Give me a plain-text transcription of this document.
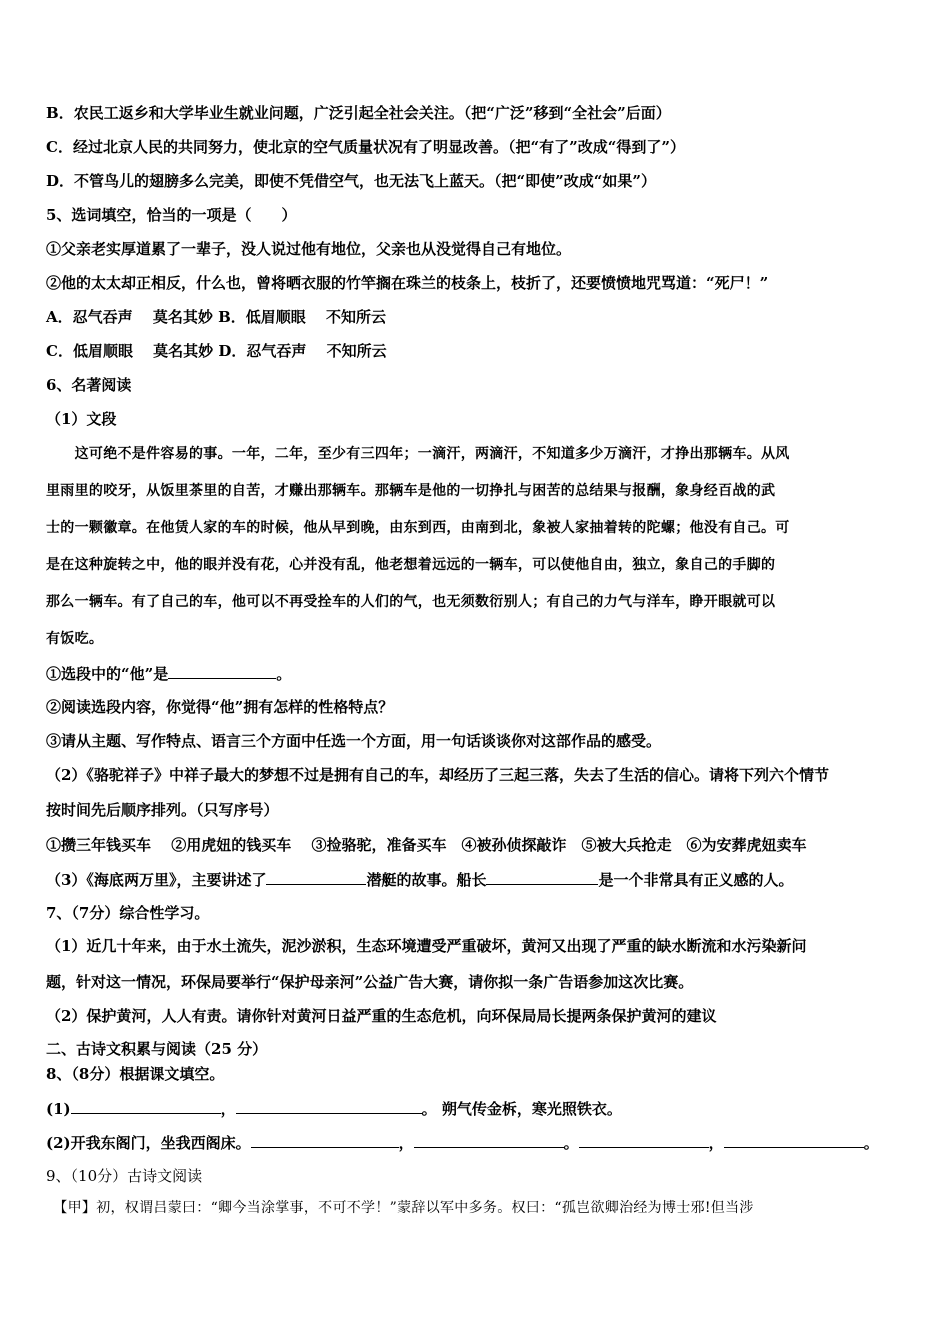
B．农民工返乡和大学毕业生就业问题，广泛引起全社会关注。（把“广泛”移到“全社会”后面）
C．经过北京人民的共同努力，使北京的空气质量状况有了明显改善。（把“有了”改成“得到了”）
D．不管鸟儿的翅膀多么完美，即使不凭借空气，也无法飞上蓝天。（把“即使”改成“如果”）
5、选词填空，恰当的一项是（　　）
①父亲老实厚道累了一辈子，没人说过他有地位，父亲也从没觉得自己有地位。
②他的太太却正相反，什么也，曾将晒衣服的竹竿搁在珠兰的枝条上，枝折了，还要愤愤地咒骂道：“死尸！”
A．忍气吞声　 莫名其妙 B．低眉顺眼　 不知所云
C．低眉顺眼　 莫名其妙 D．忍气吞声　 不知所云
6、名著阅读
（1）文段
　　这可绝不是件容易的事。一年，二年，至少有三四年；一滴汗，两滴汗，不知道多少万滴汗，才挣出那辆车。从风
里雨里的咬牙，从饭里茶里的自苦，才赚出那辆车。那辆车是他的一切挣扎与困苦的总结果与报酬，象身经百战的武
士的一颗徽章。在他赁人家的车的时候，他从早到晚，由东到西，由南到北，象被人家抽着转的陀螺；他没有自己。可
是在这种旋转之中，他的眼并没有花，心并没有乱，他老想着远远的一辆车，可以使他自由，独立，象自己的手脚的
那么一辆车。有了自己的车，他可以不再受拴车的人们的气，也无须数衍别人；有自己的力气与洋车，睁开眼就可以
有饭吃。
①选段中的“他”是	。
②阅读选段内容，你觉得“他”拥有怎样的性格特点？
③请从主题、写作特点、语言三个方面中任选一个方面，用一句话谈谈你对这部作品的感受。
（2）《骆驼祥子》中祥子最大的梦想不过是拥有自己的车，却经历了三起三落，失去了生活的信心。请将下列六个情节
按时间先后顺序排列。（只写序号）
①攒三年钱买车　 ②用虎妞的钱买车　 ③捡骆驼，准备买车　④被孙侦探敲诈　⑤被大兵抢走　⑥为安葬虎妞卖车
（3）《海底两万里》，主要讲述了	潜艇的故事。船长	是一个非常具有正义感的人。
7、（7分）综合性学习。
（1）近几十年来，由于水土流失，泥沙淤积，生态环境遭受严重破坏，黄河又出现了严重的缺水断流和水污染新问
题，针对这一情况，环保局要举行“保护母亲河”公益广告大赛，请你拟一条广告语参加这次比赛。
（2）保护黄河，人人有责。请你针对黄河日益严重的生态危机，向环保局局长提两条保护黄河的建议
二、古诗文积累与阅读（25 分）
8、（8分）根据课文填空。
(1)	，	。 朔气传金柝，寒光照铁衣。
(2)开我东阁门，坐我西阁床。	，	。	，	。
9、（10分）古诗文阅读
　【甲】初，权谓吕蒙曰：“卿今当涂掌事，不可不学！”蒙辞以军中多务。权曰：“孤岂欲卿治经为博士邪!但当涉
